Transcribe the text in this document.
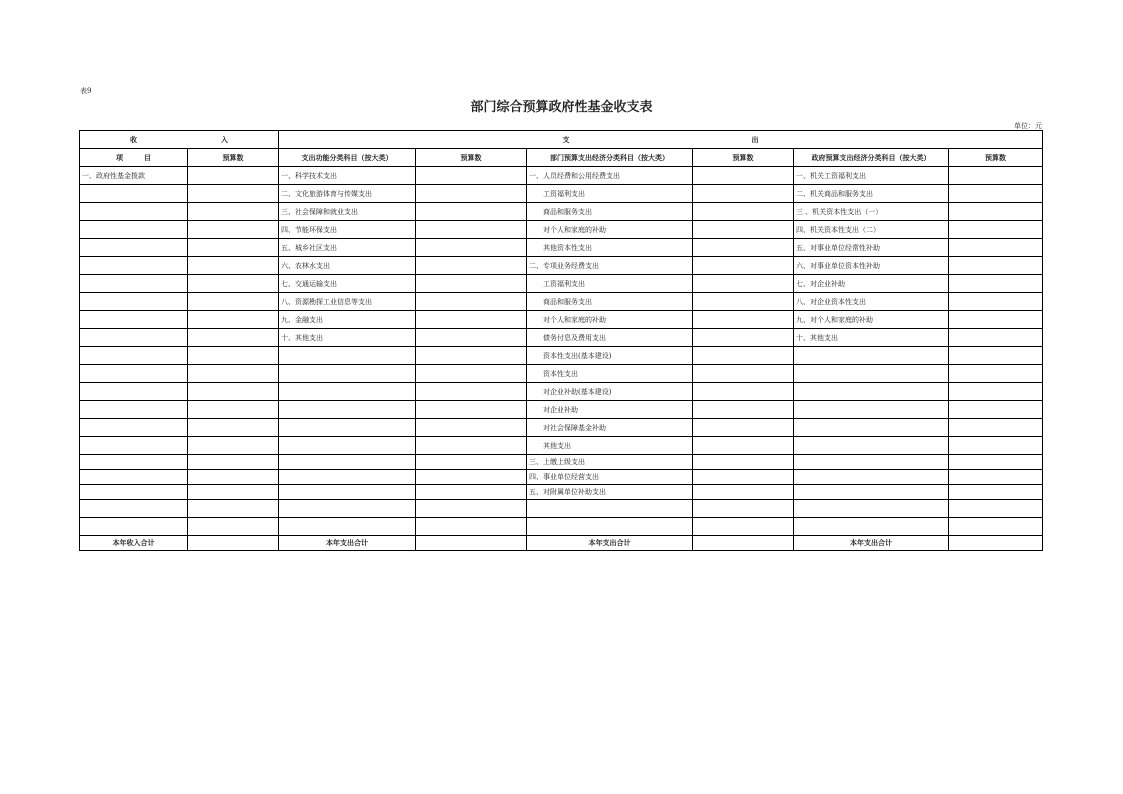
表9
部门综合预算政府性基金收支表
单位：元
收　　　　　　　　　　　　入		支　　　　　　　　　　　　　　　　　　　　　　　　　　出					
项　　　目	预算数	支出功能分类科目（按大类）	预算数	部门预算支出经济分类科目（按大类）	预算数	政府预算支出经济分类科目（按大类）	预算数
一、政府性基金拨款		一、科学技术支出		一、人员经费和公用经费支出		一、机关工资福利支出	
		二、文化旅游体育与传媒支出		工资福利支出		二、机关商品和服务支出	
		三、社会保障和就业支出		商品和服务支出		三 、机关资本性支出（一）	
		四、节能环保支出		对个人和家庭的补助		四、机关资本性支出（二）	
		五、城乡社区支出		其他资本性支出		五、对事业单位经常性补助	
		六、农林水支出		二、专项业务经费支出		六、对事业单位资本性补助	
		七、交通运输支出		工资福利支出		七、对企业补助	
		八、资源勘探工业信息等支出		商品和服务支出		八、对企业资本性支出	
		九、金融支出		对个人和家庭的补助		九、对个人和家庭的补助	
		十、其他支出		债务付息及费用支出		十、其他支出	
				资本性支出(基本建设)			
				资本性支出			
				对企业补助(基本建设)			
				对企业补助			
				对社会保障基金补助			
				其他支出			
				三、上缴上级支出			
				四、事业单位经营支出			
				五、对附属单位补助支出			

本年收入合计		本年支出合计		本年支出合计		本年支出合计	
